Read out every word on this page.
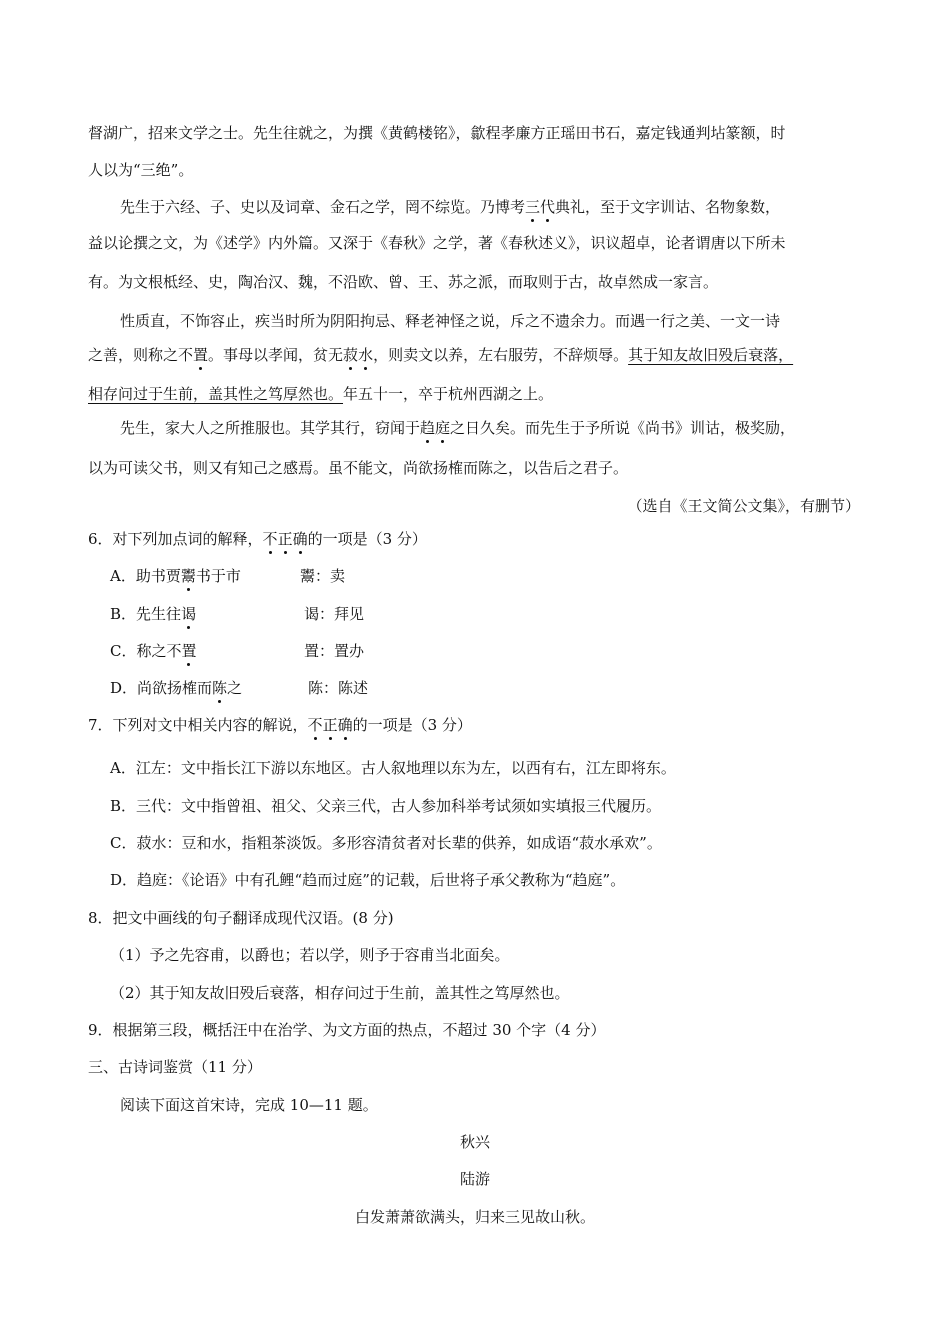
督湖广，招来文学之士。先生往就之，为撰《黄鹤楼铭》，歙程孝廉方正瑶田书石，嘉定钱通判坫篆额，时
人以为“三绝”。
先生于六经、子、史以及词章、金石之学，罔不综览。乃博考三代典礼，至于文字训诂、名物象数，
益以论撰之文，为《述学》内外篇。又深于《春秋》之学，著《春秋述义》，识议超卓，论者谓唐以下所未
有。为文根柢经、史，陶冶汉、魏，不沿欧、曾、王、苏之派，而取则于古，故卓然成一家言。
性质直，不饰容止，疾当时所为阴阳拘忌、释老神怪之说，斥之不遗余力。而遇一行之美、一文一诗
之善，则称之不置。事母以孝闻，贫无菽水，则卖文以养，左右服劳，不辞烦辱。其于知友故旧殁后衰落，
相存问过于生前，盖其性之笃厚然也。年五十一，卒于杭州西湖之上。
先生，家大人之所推服也。其学其行，窃闻于趋庭之日久矣。而先生于予所说《尚书》训诂，极奖励，
以为可读父书，则又有知己之感焉。虽不能文，尚欲扬榷而陈之，以告后之君子。
（选自《王文简公文集》，有删节）
6．对下列加点词的解释，不正确的一项是（3 分）
A．助书贾鬻书于市	鬻：卖
B．先生往谒	谒：拜见
C．称之不置	置：置办
D．尚欲扬榷而陈之	陈：陈述
7．下列对文中相关内容的解说，不正确的一项是（3 分）
A．江左：文中指长江下游以东地区。古人叙地理以东为左，以西有右，江左即将东。
B．三代：文中指曾祖、祖父、父亲三代，古人参加科举考试须如实填报三代履历。
C．菽水：豆和水，指粗茶淡饭。多形容清贫者对长辈的供养，如成语“菽水承欢”。
D．趋庭：《论语》中有孔鲤“趋而过庭”的记载，后世将子承父教称为“趋庭”。
8．把文中画线的句子翻译成现代汉语。(8 分)
（1）予之先容甫，以爵也；若以学，则予于容甫当北面矣。
（2）其于知友故旧殁后衰落，相存问过于生前，盖其性之笃厚然也。
9．根据第三段，概括汪中在治学、为文方面的热点，不超过 30 个字（4 分）
三、古诗词鉴赏（11 分）
阅读下面这首宋诗，完成 10—11 题。
秋兴
陆游
白发萧萧欲满头，归来三见故山秋。
